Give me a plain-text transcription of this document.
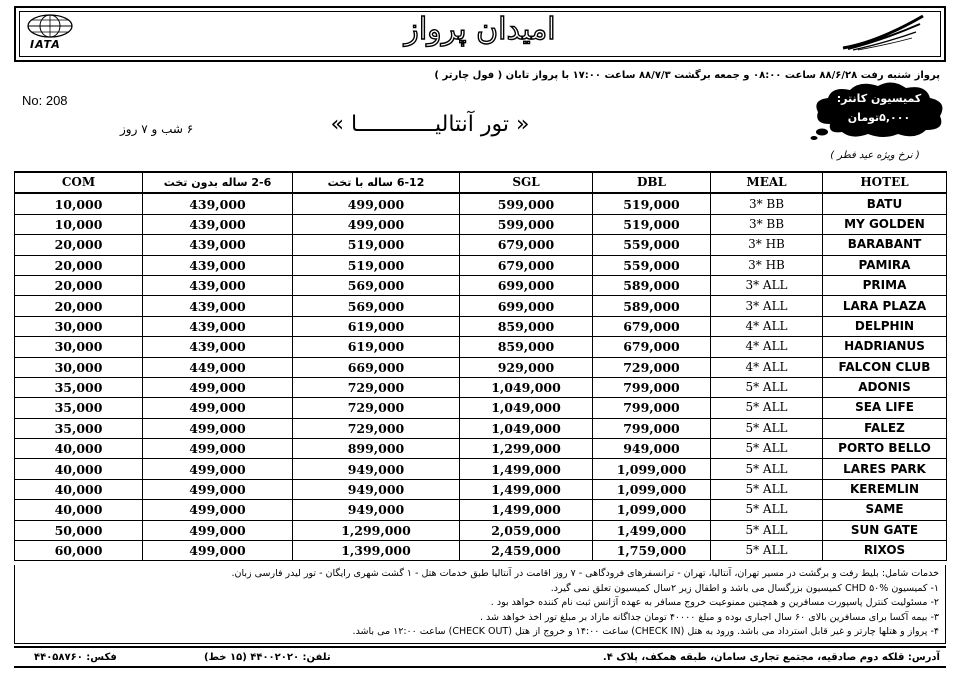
IATA	امیدان پرواز
پرواز شنبه رفت ۸۸/۶/۲۸ ساعت ۰۸:۰۰ و جمعه برگشت ۸۸/۷/۳ ساعت ۱۷:۰۰ با پرواز تابان ( فول چارتر )
No: 208
« تور آنتالیــــــــــــا »
۶ شب و ۷ روز
کمیسیون کانتر:
۵,۰۰۰تومان
( نرخ ویژه عید فطر )
COM	2-6 ساله بدون تخت	6-12 ساله با تخت	SGL	DBL	MEAL	HOTEL
10,000	439,000	499,000	599,000	519,000	3* BB	BATU
10,000	439,000	499,000	599,000	519,000	3* BB	MY GOLDEN
20,000	439,000	519,000	679,000	559,000	3* HB	BARABANT
20,000	439,000	519,000	679,000	559,000	3* HB	PAMIRA
20,000	439,000	569,000	699,000	589,000	3* ALL	PRIMA
20,000	439,000	569,000	699,000	589,000	3* ALL	LARA PLAZA
30,000	439,000	619,000	859,000	679,000	4* ALL	DELPHIN
30,000	439,000	619,000	859,000	679,000	4* ALL	HADRIANUS
30,000	449,000	669,000	929,000	729,000	4* ALL	FALCON CLUB
35,000	499,000	729,000	1,049,000	799,000	5* ALL	ADONIS
35,000	499,000	729,000	1,049,000	799,000	5* ALL	SEA LIFE
35,000	499,000	729,000	1,049,000	799,000	5* ALL	FALEZ
40,000	499,000	899,000	1,299,000	949,000	5* ALL	PORTO BELLO
40,000	499,000	949,000	1,499,000	1,099,000	5* ALL	LARES PARK
40,000	499,000	949,000	1,499,000	1,099,000	5* ALL	KEREMLIN
40,000	499,000	949,000	1,499,000	1,099,000	5* ALL	SAME
50,000	499,000	1,299,000	2,059,000	1,499,000	5* ALL	SUN GATE
60,000	499,000	1,399,000	2,459,000	1,759,000	5* ALL	RIXOS
خدمات شامل: بلیط رفت و برگشت در مسیر تهران، آنتالیا، تهران - ترانسفرهای فرودگاهی - ۷ روز اقامت در آنتالیا طبق خدمات هتل - ۱ گشت شهری رایگان - تور لیدر فارسی زبان.
۱- کمیسیون CHD ۵۰% کمیسیون بزرگسال می باشد و اطفال زیر ۲سال کمیسیون تعلق نمی گیرد.
۲- مسئولیت کنترل پاسپورت مسافرین و همچنین ممنوعیت خروج مسافر به عهده آژانس ثبت نام کننده خواهد بود .
۳- بیمه آکسا برای مسافرین بالای ۶۰ سال اجباری بوده و مبلغ ۴۰۰۰۰ تومان جداگانه مازاد بر مبلغ تور اخذ خواهد شد .
۴- پرواز و هتلها چارتر و غیر قابل استرداد می باشد. ورود به هتل (CHECK IN) ساعت ۱۴:۰۰ و خروج از هتل (CHECK OUT) ساعت ۱۲:۰۰ می باشد.
آدرس: قلکه دوم صادقیه، مجتمع تجاری سامان، طبقه همکف، پلاک ۴.
تلفن: ۴۴۰۰۲۰۲۰ (۱۵ خط)
فکس: ۴۴۰۵۸۷۶۰
